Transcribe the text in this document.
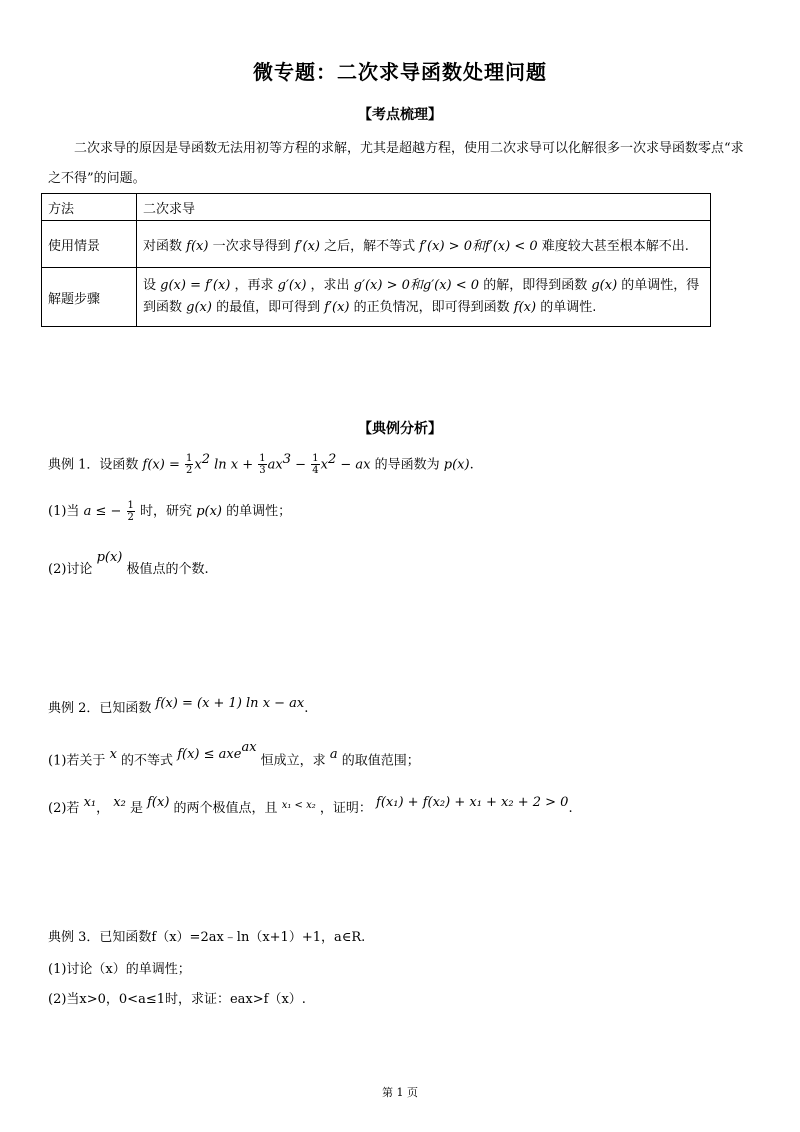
微专题：二次求导函数处理问题
【考点梳理】
二次求导的原因是导函数无法用初等方程的求解，尤其是超越方程，使用二次求导可以化解很多一次求导函数零点“求之不得”的问题。
方法	二次求导
使用情景	对函数 f(x) 一次求导得到 f′(x) 之后，解不等式 f′(x) > 0和f′(x) < 0 难度较大甚至根本解不出.
解题步骤	设 g(x) = f′(x) ，再求 g′(x) ，求出 g′(x) > 0和g′(x) < 0 的解，即得到函数 g(x) 的单调性，得到函数 g(x) 的最值，即可得到 f′(x) 的正负情况，即可得到函数 f(x) 的单调性.
【典例分析】
典例 1．设函数 $f(x) = \frac{1}{2} x^2$ $\ln x + \frac{1}{3} ax^3 - \frac{1}{4} x^2$ − ax 的导函数为 p(x).
(1)当 a ≤ − $\frac{1}{2}$ 时，研究 p(x) 的单调性；
(2)讨论 p(x) 极值点的个数.
典例 2．已知函数 f(x) = (x + 1) ln x − ax.
(1)若关于 x 的不等式 f(x) ≤ axe$^{ax}$ 恒成立，求 a 的取值范围；
(2)若 x₁， x₂ 是 f(x) 的两个极值点，且 $^{x_1 < x_2}$ ，证明： f(x₁) + f(x₂) + x₁ + x₂ + 2 > 0.
典例 3．已知函数f（x）=2ax﹣ln（x+1）+1，a∈R.
(1)讨论（x）的单调性；
(2)当x>0，0<a≤1时，求证：eax>f（x）.
第 1 页
